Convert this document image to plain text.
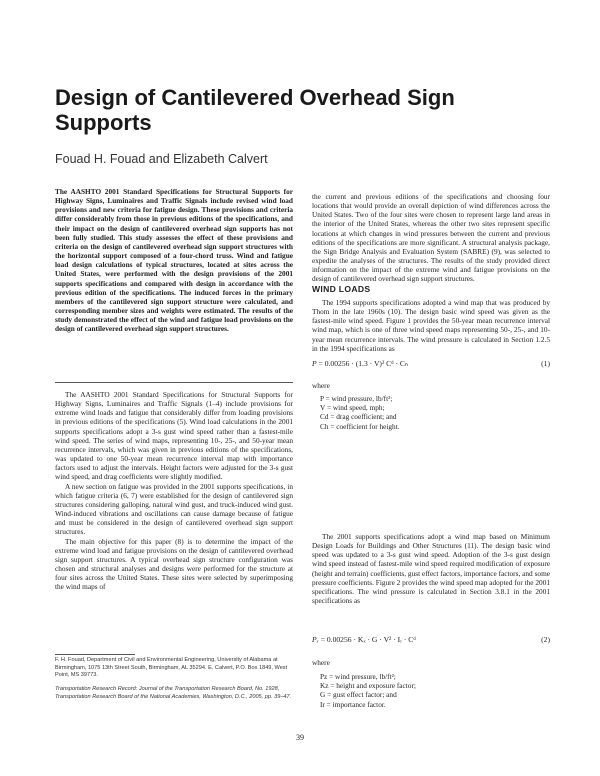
Design of Cantilevered Overhead Sign Supports
Fouad H. Fouad and Elizabeth Calvert

The AASHTO 2001 Standard Specifications for Structural Supports for Highway Signs, Luminaires and Traffic Signals include revised wind load provisions and new criteria for fatigue design. These provisions and criteria differ considerably from those in previous editions of the specifications, and their impact on the design of cantilevered overhead sign supports has not been fully studied. This study assesses the effect of these provisions and criteria on the design of cantilevered overhead sign support structures with the horizontal support composed of a four-chord truss. Wind and fatigue load design calculations of typical structures, located at sites across the United States, were performed with the design provisions of the 2001 supports specifications and compared with design in accordance with the previous edition of the specifications. The induced forces in the primary members of the cantilevered sign support structure were calculated, and corresponding member sizes and weights were estimated. The results of the study demonstrated the effect of the wind and fatigue load provisions on the design of cantilevered overhead sign support structures.

The AASHTO 2001 Standard Specifications for Structural Supports for Highway Signs, Luminaires and Traffic Signals (1–4) include provisions for extreme wind loads and fatigue that considerably differ from loading provisions in previous editions of the specifications (5). Wind load calculations in the 2001 supports specifications adopt a 3-s gust wind speed rather than a fastest-mile wind speed. The series of wind maps, representing 10-, 25-, and 50-year mean recurrence intervals, which was given in previous editions of the specifications, was updated to one 50-year mean recurrence interval map with importance factors used to adjust the intervals. Height factors were adjusted for the 3-s gust wind speed, and drag coefficients were slightly modified.

A new section on fatigue was provided in the 2001 supports specifications, in which fatigue criteria (6, 7) were established for the design of cantilevered sign structures considering galloping, natural wind gust, and truck-induced wind gust. Wind-induced vibrations and oscillations can cause damage because of fatigue and must be considered in the design of cantilevered overhead sign support structures.

The main objective for this paper (8) is to determine the impact of the extreme wind load and fatigue provisions on the design of cantilevered overhead sign support structures. A typical overhead sign structure configuration was chosen and structural analyses and designs were performed for the structure at four sites across the United States. These sites were selected by superimposing the wind maps of

F. H. Fouad, Department of Civil and Environmental Engineering, University of Alabama at Birmingham, 1075 13th Street South, Birmingham, AL 35294. E. Calvert, P.O. Box 1849, West Point, MS 39773.
Transportation Research Record: Journal of the Transportation Research Board, No. 1928, Transportation Research Board of the National Academies, Washington, D.C., 2005, pp. 39–47.

the current and previous editions of the specifications and choosing four locations that would provide an overall depiction of wind differences across the United States. Two of the four sites were chosen to represent large land areas in the interior of the United States, whereas the other two sites represent specific locations at which changes in wind pressures between the current and previous editions of the specifications are more significant. A structural analysis package, the Sign Bridge Analysis and Evaluation System (SABRE) (9), was selected to expedite the analyses of the structures. The results of the study provided direct information on the impact of the extreme wind and fatigue provisions on the design of cantilevered overhead sign support structures.

WIND LOADS

The 1994 supports specifications adopted a wind map that was produced by Thom in the late 1960s (10). The design basic wind speed was given as the fastest-mile wind speed. Figure 1 provides the 50-year mean recurrence interval wind map, which is one of three wind speed maps representing 50-, 25-, and 10-year mean recurrence intervals. The wind pressure is calculated in Section 1.2.5 in the 1994 specifications as

P = 0.00256 · (1.3 · V)² Cᵈ · Cₕ	(1)
where
P = wind pressure, lb/ft²;
V = wind speed, mph;
Cd = drag coefficient; and
Ch = coefficient for height.

The 2001 supports specifications adopt a wind map based on Minimum Design Loads for Buildings and Other Structures (11). The design basic wind speed was updated to a 3-s gust wind speed. Adoption of the 3-s gust design wind speed instead of fastest-mile wind speed required modification of exposure (height and terrain) coefficients, gust effect factors, importance factors, and some pressure coefficients. Figure 2 provides the wind speed map adopted for the 2001 specifications. The wind pressure is calculated in Section 3.8.1 in the 2001 specifications as

Pₓ = 0.00256 · Kₓ · G · V² · Iᵣ · Cᵈ	(2)
where
Pz = wind pressure, lb/ft²;
Kz = height and exposure factor;
G = gust effect factor; and
Ir = importance factor.
39
